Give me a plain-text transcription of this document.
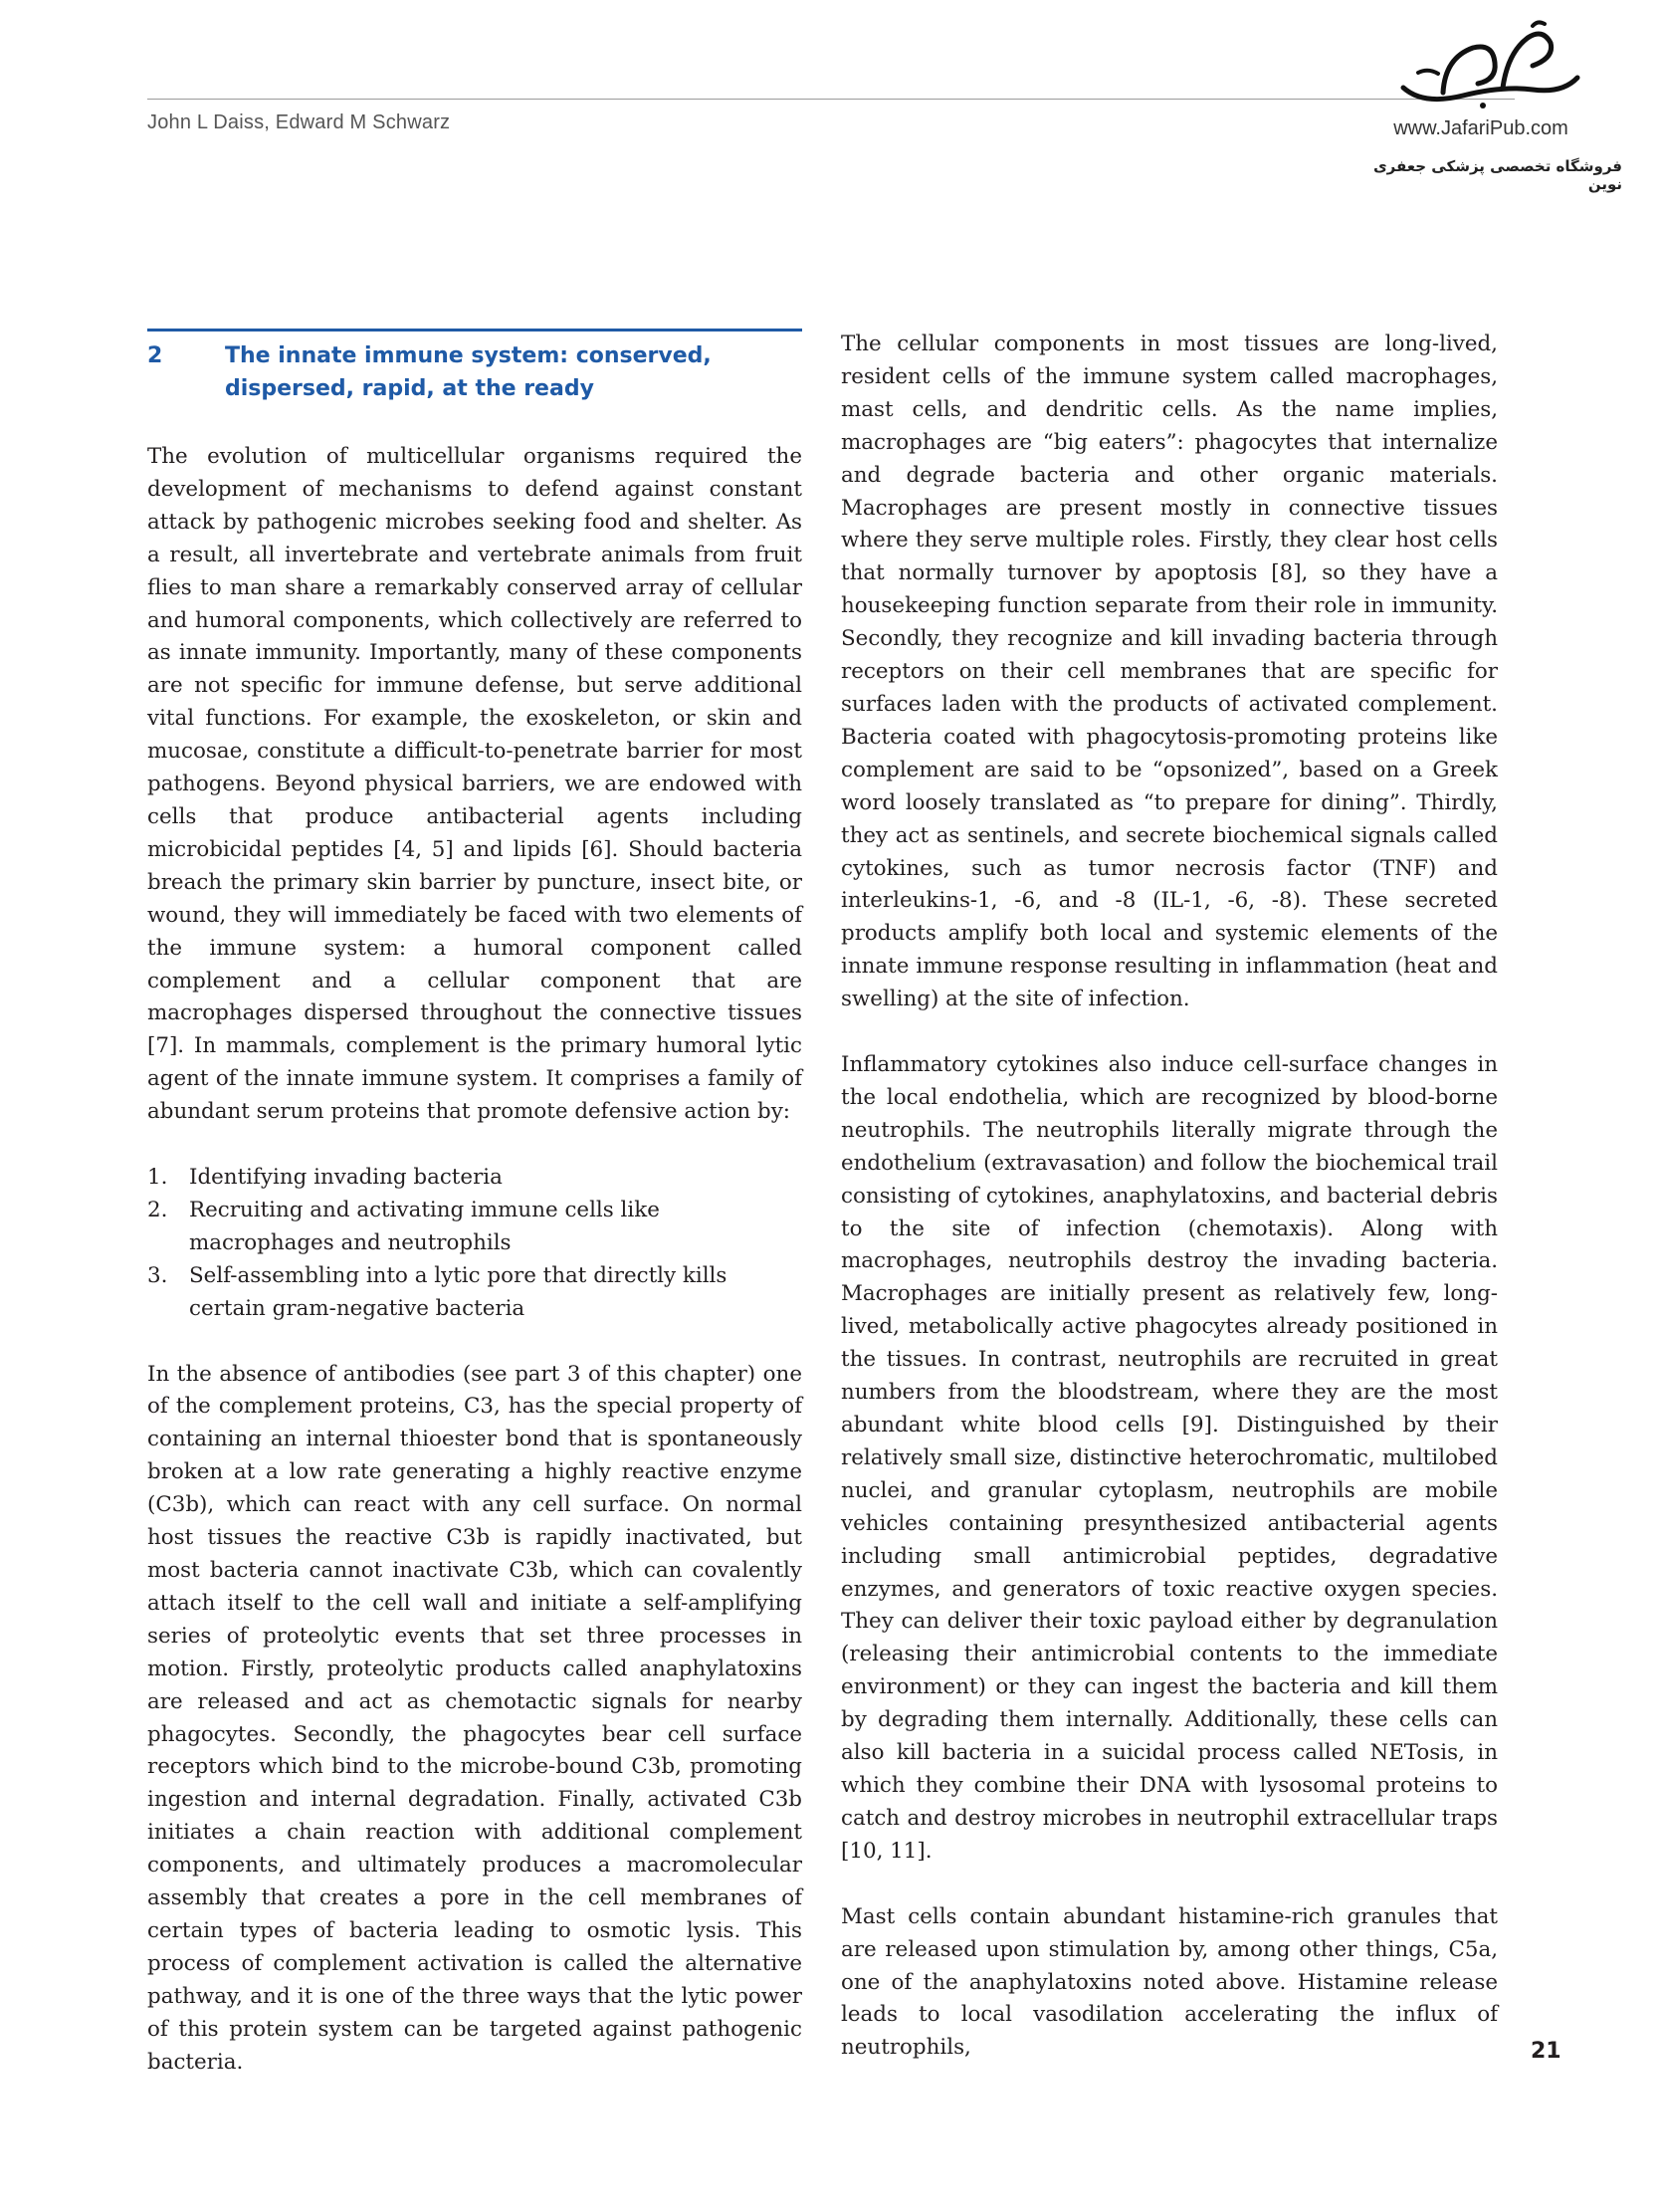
John L Daiss, Edward M Schwarz	www.JafariPub.com
فروشگاه تخصصی پزشکی جعفری نوین
2	The innate immune system: conserved, dispersed, rapid, at the ready

The evolution of multicellular organisms required the development of mechanisms to defend against constant attack by pathogenic microbes seeking food and shelter. As a result, all invertebrate and vertebrate animals from fruit flies to man share a remarkably conserved array of cellular and humoral components, which collectively are referred to as innate immunity. Importantly, many of these components are not specific for immune defense, but serve additional vital functions. For example, the exoskeleton, or skin and mucosae, constitute a difficult-to-penetrate barrier for most pathogens. Beyond physical barriers, we are endowed with cells that produce antibacterial agents including microbicidal peptides [4, 5] and lipids [6]. Should bacteria breach the primary skin barrier by puncture, insect bite, or wound, they will immediately be faced with two elements of the immune system: a humoral component called complement and a cellular component that are macrophages dispersed throughout the connective tissues [7]. In mammals, complement is the primary humoral lytic agent of the innate immune system. It comprises a family of abundant serum proteins that promote defensive action by:

1.	Identifying invading bacteria
2.	Recruiting and activating immune cells like macrophages and neutrophils
3.	Self-assembling into a lytic pore that directly kills certain gram-negative bacteria

In the absence of antibodies (see part 3 of this chapter) one of the complement proteins, C3, has the special property of containing an internal thioester bond that is spontaneously broken at a low rate generating a highly reactive enzyme (C3b), which can react with any cell surface. On normal host tissues the reactive C3b is rapidly inactivated, but most bacteria cannot inactivate C3b, which can covalently attach itself to the cell wall and initiate a self-amplifying series of proteolytic events that set three processes in motion. Firstly, proteolytic products called anaphylatoxins are released and act as chemotactic signals for nearby phagocytes. Secondly, the phagocytes bear cell surface receptors which bind to the microbe-bound C3b, promoting ingestion and internal degradation. Finally, activated C3b initiates a chain reaction with additional complement components, and ultimately produces a macromolecular assembly that creates a pore in the cell membranes of certain types of bacteria leading to osmotic lysis. This process of complement activation is called the alternative pathway, and it is one of the three ways that the lytic power of this protein system can be targeted against pathogenic bacteria.

The cellular components in most tissues are long-lived, resident cells of the immune system called macrophages, mast cells, and dendritic cells. As the name implies, macrophages are “big eaters”: phagocytes that internalize and degrade bacteria and other organic materials. Macrophages are present mostly in connective tissues where they serve multiple roles. Firstly, they clear host cells that normally turnover by apoptosis [8], so they have a housekeeping function separate from their role in immunity. Secondly, they recognize and kill invading bacteria through receptors on their cell membranes that are specific for surfaces laden with the products of activated complement. Bacteria coated with phagocytosis-promoting proteins like complement are said to be “opsonized”, based on a Greek word loosely translated as “to prepare for dining”. Thirdly, they act as sentinels, and secrete biochemical signals called cytokines, such as tumor necrosis factor (TNF) and interleukins-1, -6, and -8 (IL-1, -6, -8). These secreted products amplify both local and systemic elements of the innate immune response resulting in inflammation (heat and swelling) at the site of infection.

Inflammatory cytokines also induce cell-surface changes in the local endothelia, which are recognized by blood-borne neutrophils. The neutrophils literally migrate through the endothelium (extravasation) and follow the biochemical trail consisting of cytokines, anaphylatoxins, and bacterial debris to the site of infection (chemotaxis). Along with macrophages, neutrophils destroy the invading bacteria. Macrophages are initially present as relatively few, long-lived, metabolically active phagocytes already positioned in the tissues. In contrast, neutrophils are recruited in great numbers from the bloodstream, where they are the most abundant white blood cells [9]. Distinguished by their relatively small size, distinctive heterochromatic, multilobed nuclei, and granular cytoplasm, neutrophils are mobile vehicles containing presynthesized antibacterial agents including small antimicrobial peptides, degradative enzymes, and generators of toxic reactive oxygen species. They can deliver their toxic payload either by degranulation (releasing their antimicrobial contents to the immediate environment) or they can ingest the bacteria and kill them by degrading them internally. Additionally, these cells can also kill bacteria in a suicidal process called NETosis, in which they combine their DNA with lysosomal proteins to catch and destroy microbes in neutrophil extracellular traps [10, 11].

Mast cells contain abundant histamine-rich granules that are released upon stimulation by, among other things, C5a, one of the anaphylatoxins noted above. Histamine release leads to local vasodilation accelerating the influx of neutrophils,	21
